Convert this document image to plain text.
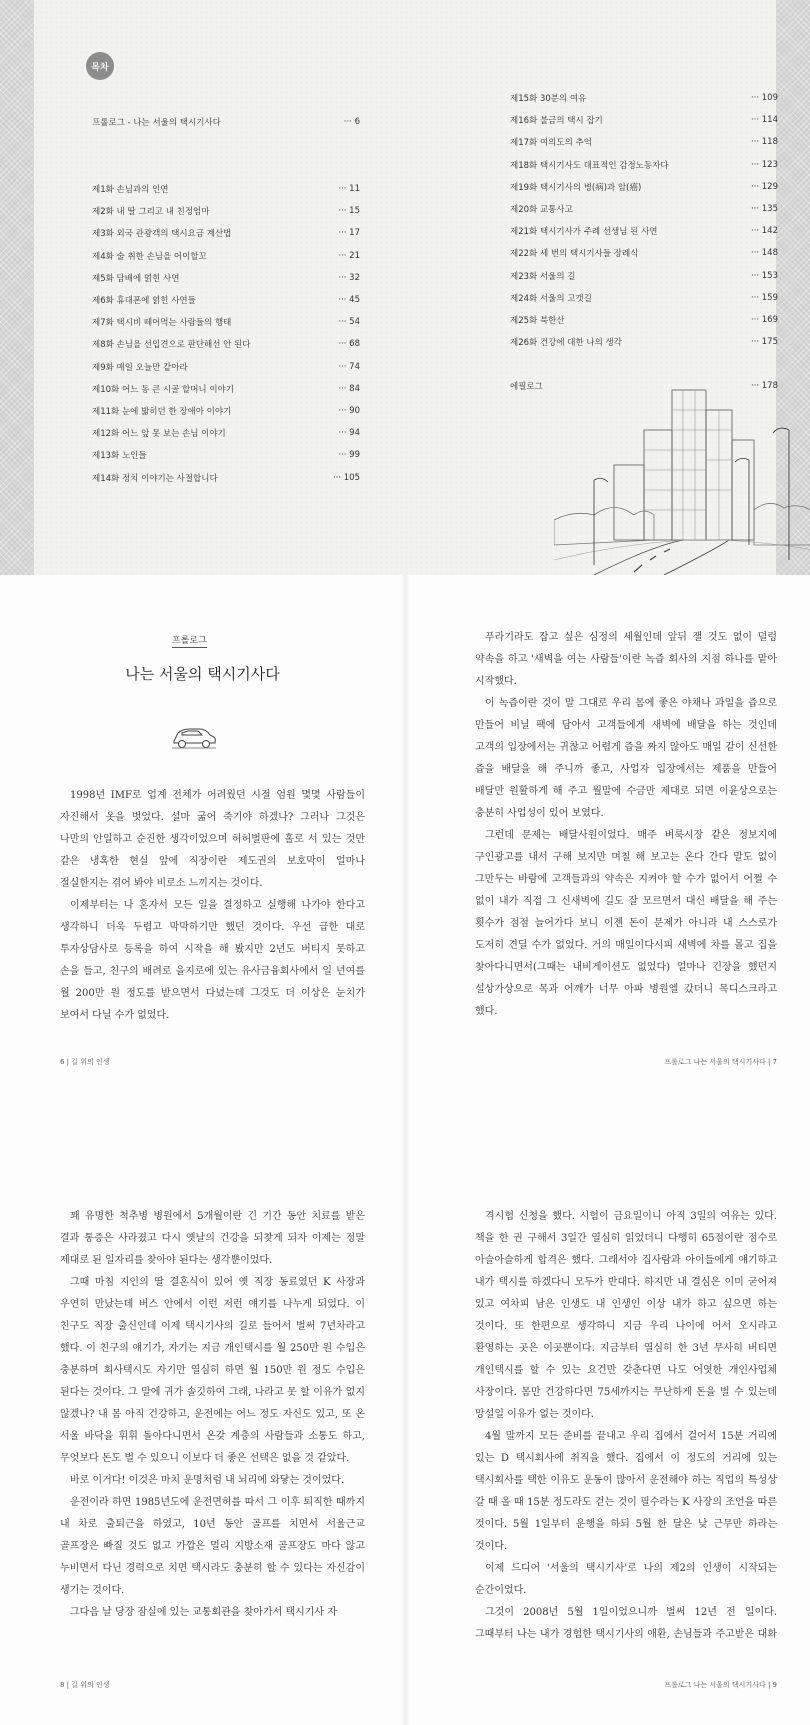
목차
프롤로그 - 나는 서울의 택시기사다	··· 6
제1화 손님과의 인연	··· 11
제2화 내 딸 그리고 내 친정엄마	··· 15
제3화 외국 관광객의 택시요금 계산법	··· 17
제4화 술 취한 손님을 어이할꼬	··· 21
제5화 담배에 얽힌 사연	··· 32
제6화 휴대폰에 얽힌 사연들	··· 45
제7화 택시비 떼어먹는 사람들의 행태	··· 54
제8화 손님을 선입견으로 판단해선 안 된다	··· 68
제9화 매일 오늘만 같아라	··· 74
제10화 어느 동 큰 시골 할머니 이야기	··· 84
제11화 눈에 밟히던 한 장애아 이야기	··· 90
제12화 어느 앞 못 보는 손님 이야기	··· 94
제13화 노인들	··· 99
제14화 정치 이야기는 사절합니다	··· 105
제15화 30분의 여유	··· 109
제16화 불금의 택시 잡기	··· 114
제17화 여의도의 추억	··· 118
제18화 택시기사도 대표적인 감정노동자다	··· 123
제19화 택시기사의 병(病)과 암(癌)	··· 129
제20화 교통사고	··· 135
제21화 택시기사가 주례 선생님 된 사연	··· 142
제22화 세 번의 택시기사들 장례식	··· 148
제23화 서울의 길	··· 153
제24화 서울의 고갯길	··· 159
제25화 북한산	··· 169
제26화 건강에 대한 나의 생각	··· 175
에필로그	··· 178
프롤로그
나는 서울의 택시기사다

1998년 IMF로 업계 전체가 어려웠던 시절 엄원 몇몇 사람들이 자진해서 옷을 벗었다. 설마 굶어 죽기야 하겠나? 그러나 그것은 나만의 안일하고 순진한 생각이었으며 허허벌판에 홀로 서 있는 것만 같은 냉혹한 현실 앞에 직장이란 제도권의 보호막이 얼마나 절실한지는 겪어 봐야 비로소 느끼지는 것이다.

이제부터는 나 혼자서 모든 일을 결정하고 실행해 나가야 한다고 생각하니 더욱 두렵고 막막하기만 했던 것이다. 우선 급한 대로 투자상담사로 등록을 하여 시작을 해 봤지만 2년도 버티지 못하고 손을 들고, 친구의 배려로 을지로에 있는 유사금융회사에서 일 년여를 월 200만 원 정도를 받으면서 다녔는데 그것도 더 이상은 눈치가 보여서 다닐 수가 없었다.

6 | 길 위의 인생

푸라기라도 잡고 싶은 심정의 세월인데 앞뒤 잴 것도 없이 덜렁 약속을 하고 '새벽을 여는 사람들'이란 녹즙 회사의 지점 하나를 맡아 시작했다.

이 녹즙이란 것이 말 그대로 우리 몸에 좋은 야채나 과일을 즙으로 만들어 비닐 팩에 담아서 고객들에게 새벽에 배달을 하는 것인데 고객의 입장에서는 귀찮고 어렵게 즙을 짜지 않아도 매일 같이 신선한 즙을 배달을 해 주니까 좋고, 사업자 입장에서는 제품을 만들어 배달만 원활하게 해 주고 월말에 수금만 제대로 되면 이윤상으로는 충분히 사업성이 있어 보였다.

그런데 문제는 배달사원이었다. 매주 벼룩시장 같은 정보지에 구인광고를 내서 구해 보지만 며칠 해 보고는 온다 간다 말도 없이 그만두는 바람에 고객들과의 약속은 지켜야 할 수가 없어서 어쩔 수 없이 내가 직접 그 신새벽에 길도 잘 모르면서 대신 배달을 해 주는 횟수가 점점 늘어가다 보니 이젠 돈이 문제가 아니라 내 스스로가 도저히 견딜 수가 없었다. 거의 매일이다시피 새벽에 차를 몰고 집을 찾아다니면서(그때는 내비게이션도 없었다) 얼마나 긴장을 했던지 설상가상으로 목과 어깨가 너무 아파 병원엘 갔더니 목디스크라고 했다.

프롤로그 나는 서울의 택시기사다 | 7

꽤 유명한 척추병 병원에서 5개월이란 긴 기간 동안 치료를 받은 결과 통증은 사라졌고 다시 옛날의 건강을 되찾게 되자 이제는 정말 제대로 된 일자리를 찾아야 된다는 생각뿐이었다.

그때 마침 지인의 딸 결혼식이 있어 옛 직장 동료였던 K 사장과 우연히 만났는데 버스 안에서 이런 저런 얘기를 나누게 되었다. 이 친구도 직장 출신인데 이제 택시기사의 길로 들어서 벌써 7년차라고 했다. 이 친구의 얘기가, 자기는 지금 개인택시를 월 250만 원 수입은 충분하며 회사택시도 자기만 열심히 하면 월 150만 원 정도 수입은 된다는 것이다. 그 말에 귀가 솔깃하여 그래, 나라고 못 할 이유가 없지 않겠나? 내 몸 아직 건강하고, 운전에는 어느 정도 자신도 있고, 또 온 서울 바닥을 휘휘 돌아다니면서 온갖 계층의 사람들과 소통도 하고, 무엇보다 돈도 벌 수 있으니 이보다 더 좋은 선택은 없을 것 같았다.

바로 이거다! 이것은 마치 운명처럼 내 뇌리에 와닿는 것이었다.

운전이라 하면 1985년도에 운전면허를 따서 그 이후 퇴직한 때까지 내 차로 출퇴근을 하였고, 10년 동안 골프를 치면서 서울근교 골프장은 빠질 것도 없고 가깝은 멀리 지방소재 골프장도 마다 않고 누비면서 다닌 경력으로 치면 택시라도 충분히 할 수 있다는 자신감이 생기는 것이다.

그다음 날 당장 잠실에 있는 교통회관을 찾아가서 택시기사 자

8 | 길 위의 인생

격시험 신청을 했다. 시험이 금요일이니 아직 3일의 여유는 있다. 책을 한 권 구해서 3일간 열심히 읽었더니 다행히 65점이란 점수로 아슬아슬하게 합격은 했다. 그래서야 집사람과 아이들에게 얘기하고 내가 택시를 하겠다니 모두가 반대다. 하지만 내 결심은 이미 굳어져 있고 여차피 남은 인생도 내 인생인 이상 내가 하고 싶으면 하는 것이다. 또 한편으로 생각하니 지금 우리 나이에 어서 오시라고 환영하는 곳은 이곳뿐이다. 지금부터 열심히 한 3년 무사히 버티면 개인택시를 할 수 있는 요건만 갖춘다면 나도 어엿한 개인사업체 사장이다. 몸만 건강하다면 75세까지는 무난하게 돈을 벌 수 있는데 망설일 이유가 없는 것이다.

4월 말까지 모든 준비를 끝내고 우리 집에서 걸어서 15분 거리에 있는 D 택시회사에 취직을 했다. 집에서 이 정도의 거리에 있는 택시회사를 택한 이유도 운동이 많아서 운전해야 하는 직업의 특성상 갈 때 올 때 15분 정도라도 걷는 것이 필수라는 K 사장의 조언을 따른 것이다. 5월 1일부터 운행을 하되 5월 한 달은 낮 근무만 하라는 것이다.

이제 드디어 '서울의 택시기사'로 나의 제2의 인생이 시작되는 순간이었다.

그것이 2008년 5월 1일이었으니까 벌써 12년 전 일이다. 그때부터 나는 내가 경험한 택시기사의 애환, 손님들과 주고받은 대화

프롤로그 나는 서울의 택시기사다 | 9
